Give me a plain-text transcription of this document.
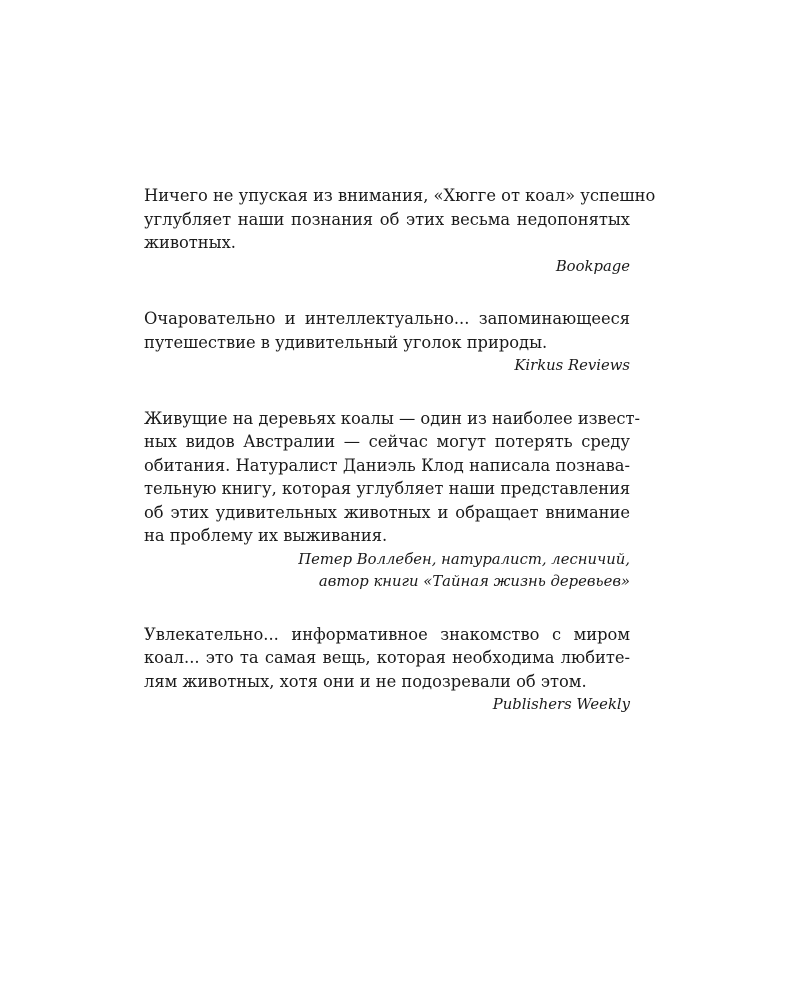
Ничего не упуская из внимания, «Хюгге от коал» успешно
углубляет наши познания об этих весьма недопонятых
животных.
Bookpage
Очаровательно и интеллектуально... запоминающееся
путешествие в удивительный уголок природы.
Kirkus Reviews
Живущие на деревьях коалы — один из наиболее извест-
ных видов Австралии — сейчас могут потерять среду
обитания. Натуралист Даниэль Клод написала познава-
тельную книгу, которая углубляет наши представления
об этих удивительных животных и обращает внимание
на проблему их выживания.
Петер Воллебен, натуралист, лесничий,
автор книги «Тайная жизнь деревьев»
Увлекательно... информативное знакомство с миром
коал... это та самая вещь, которая необходима любите-
лям животных, хотя они и не подозревали об этом.
Publishers Weekly
